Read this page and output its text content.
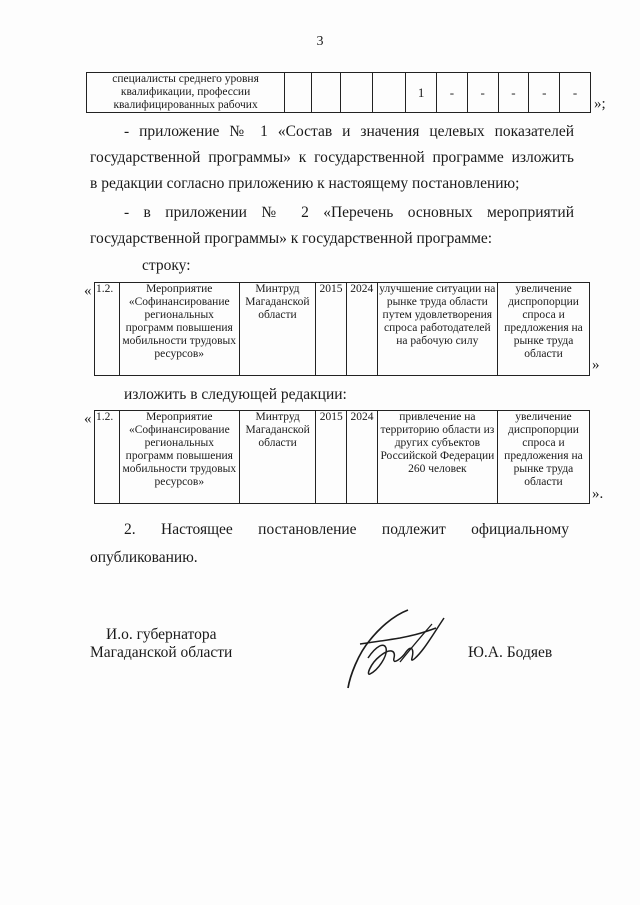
3
специалисты среднего уровня квалификации, профессии квалифицированных рабочих					1	-	-	-	-	-
»;
- приложение № 1 «Состав и значения целевых показателей
государственной программы» к государственной программе изложить
в редакции согласно приложению к настоящему постановлению;
- в приложении № 2 «Перечень основных мероприятий
государственной программы» к государственной программе:
строку:
« 1.2.	Мероприятие «Софинансирование региональных программ повышения мобильности трудовых ресурсов»	Минтруд Магаданской области	2015	2024	улучшение ситуации на рынке труда области путем удовлетворения спроса работодателей на рабочую силу	увеличение диспропорции спроса и предложения на рынке труда области
»
изложить в следующей редакции:
« 1.2.	Мероприятие «Софинансирование региональных программ повышения мобильности трудовых ресурсов»	Минтруд Магаданской области	2015	2024	привлечение на территорию области из других субъектов Российской Федерации 260 человек	увеличение диспропорции спроса и предложения на рынке труда области
».
2. Настоящее постановление подлежит официальному
опубликованию.
И.о. губернатора
Магаданской области	Ю.А. Бодяев
